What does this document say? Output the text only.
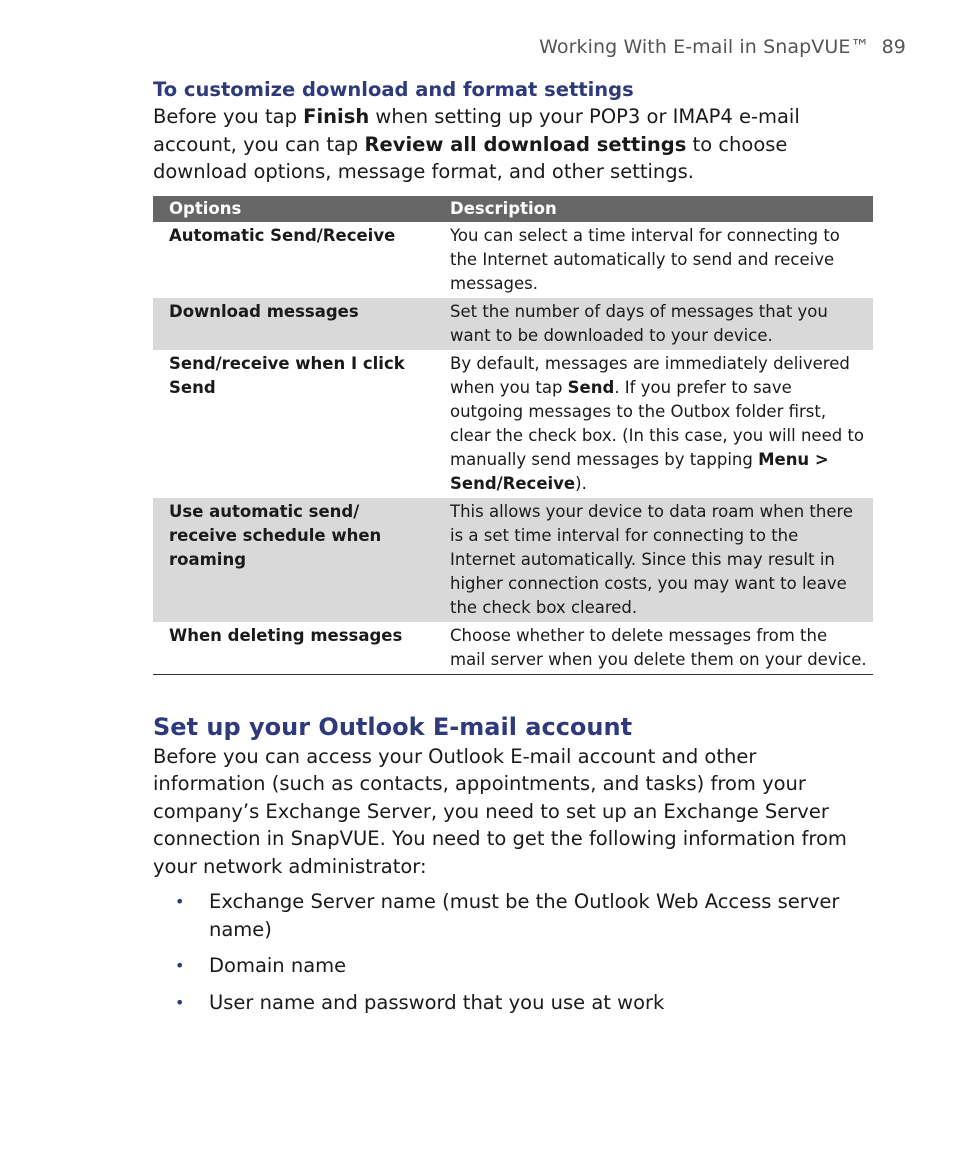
Working With E-mail in SnapVUE™ 89

To customize download and format settings

Before you tap Finish when setting up your POP3 or IMAP4 e-mail account, you can tap Review all download settings to choose download options, message format, and other settings.

Options	Description
Automatic Send/Receive	You can select a time interval for connecting to the Internet automatically to send and receive messages.
Download messages	Set the number of days of messages that you want to be downloaded to your device.
Send/receive when I click Send	By default, messages are immediately delivered when you tap Send. If you prefer to save outgoing messages to the Outbox folder first, clear the check box. (In this case, you will need to manually send messages by tapping Menu > Send/Receive).
Use automatic send/ receive schedule when roaming	This allows your device to data roam when there is a set time interval for connecting to the Internet automatically. Since this may result in higher connection costs, you may want to leave the check box cleared.
When deleting messages	Choose whether to delete messages from the mail server when you delete them on your device.
Set up your Outlook E-mail account

Before you can access your Outlook E-mail account and other information (such as contacts, appointments, and tasks) from your company’s Exchange Server, you need to set up an Exchange Server connection in SnapVUE. You need to get the following information from your network administrator:

• Exchange Server name (must be the Outlook Web Access server name)
• Domain name
• User name and password that you use at work
